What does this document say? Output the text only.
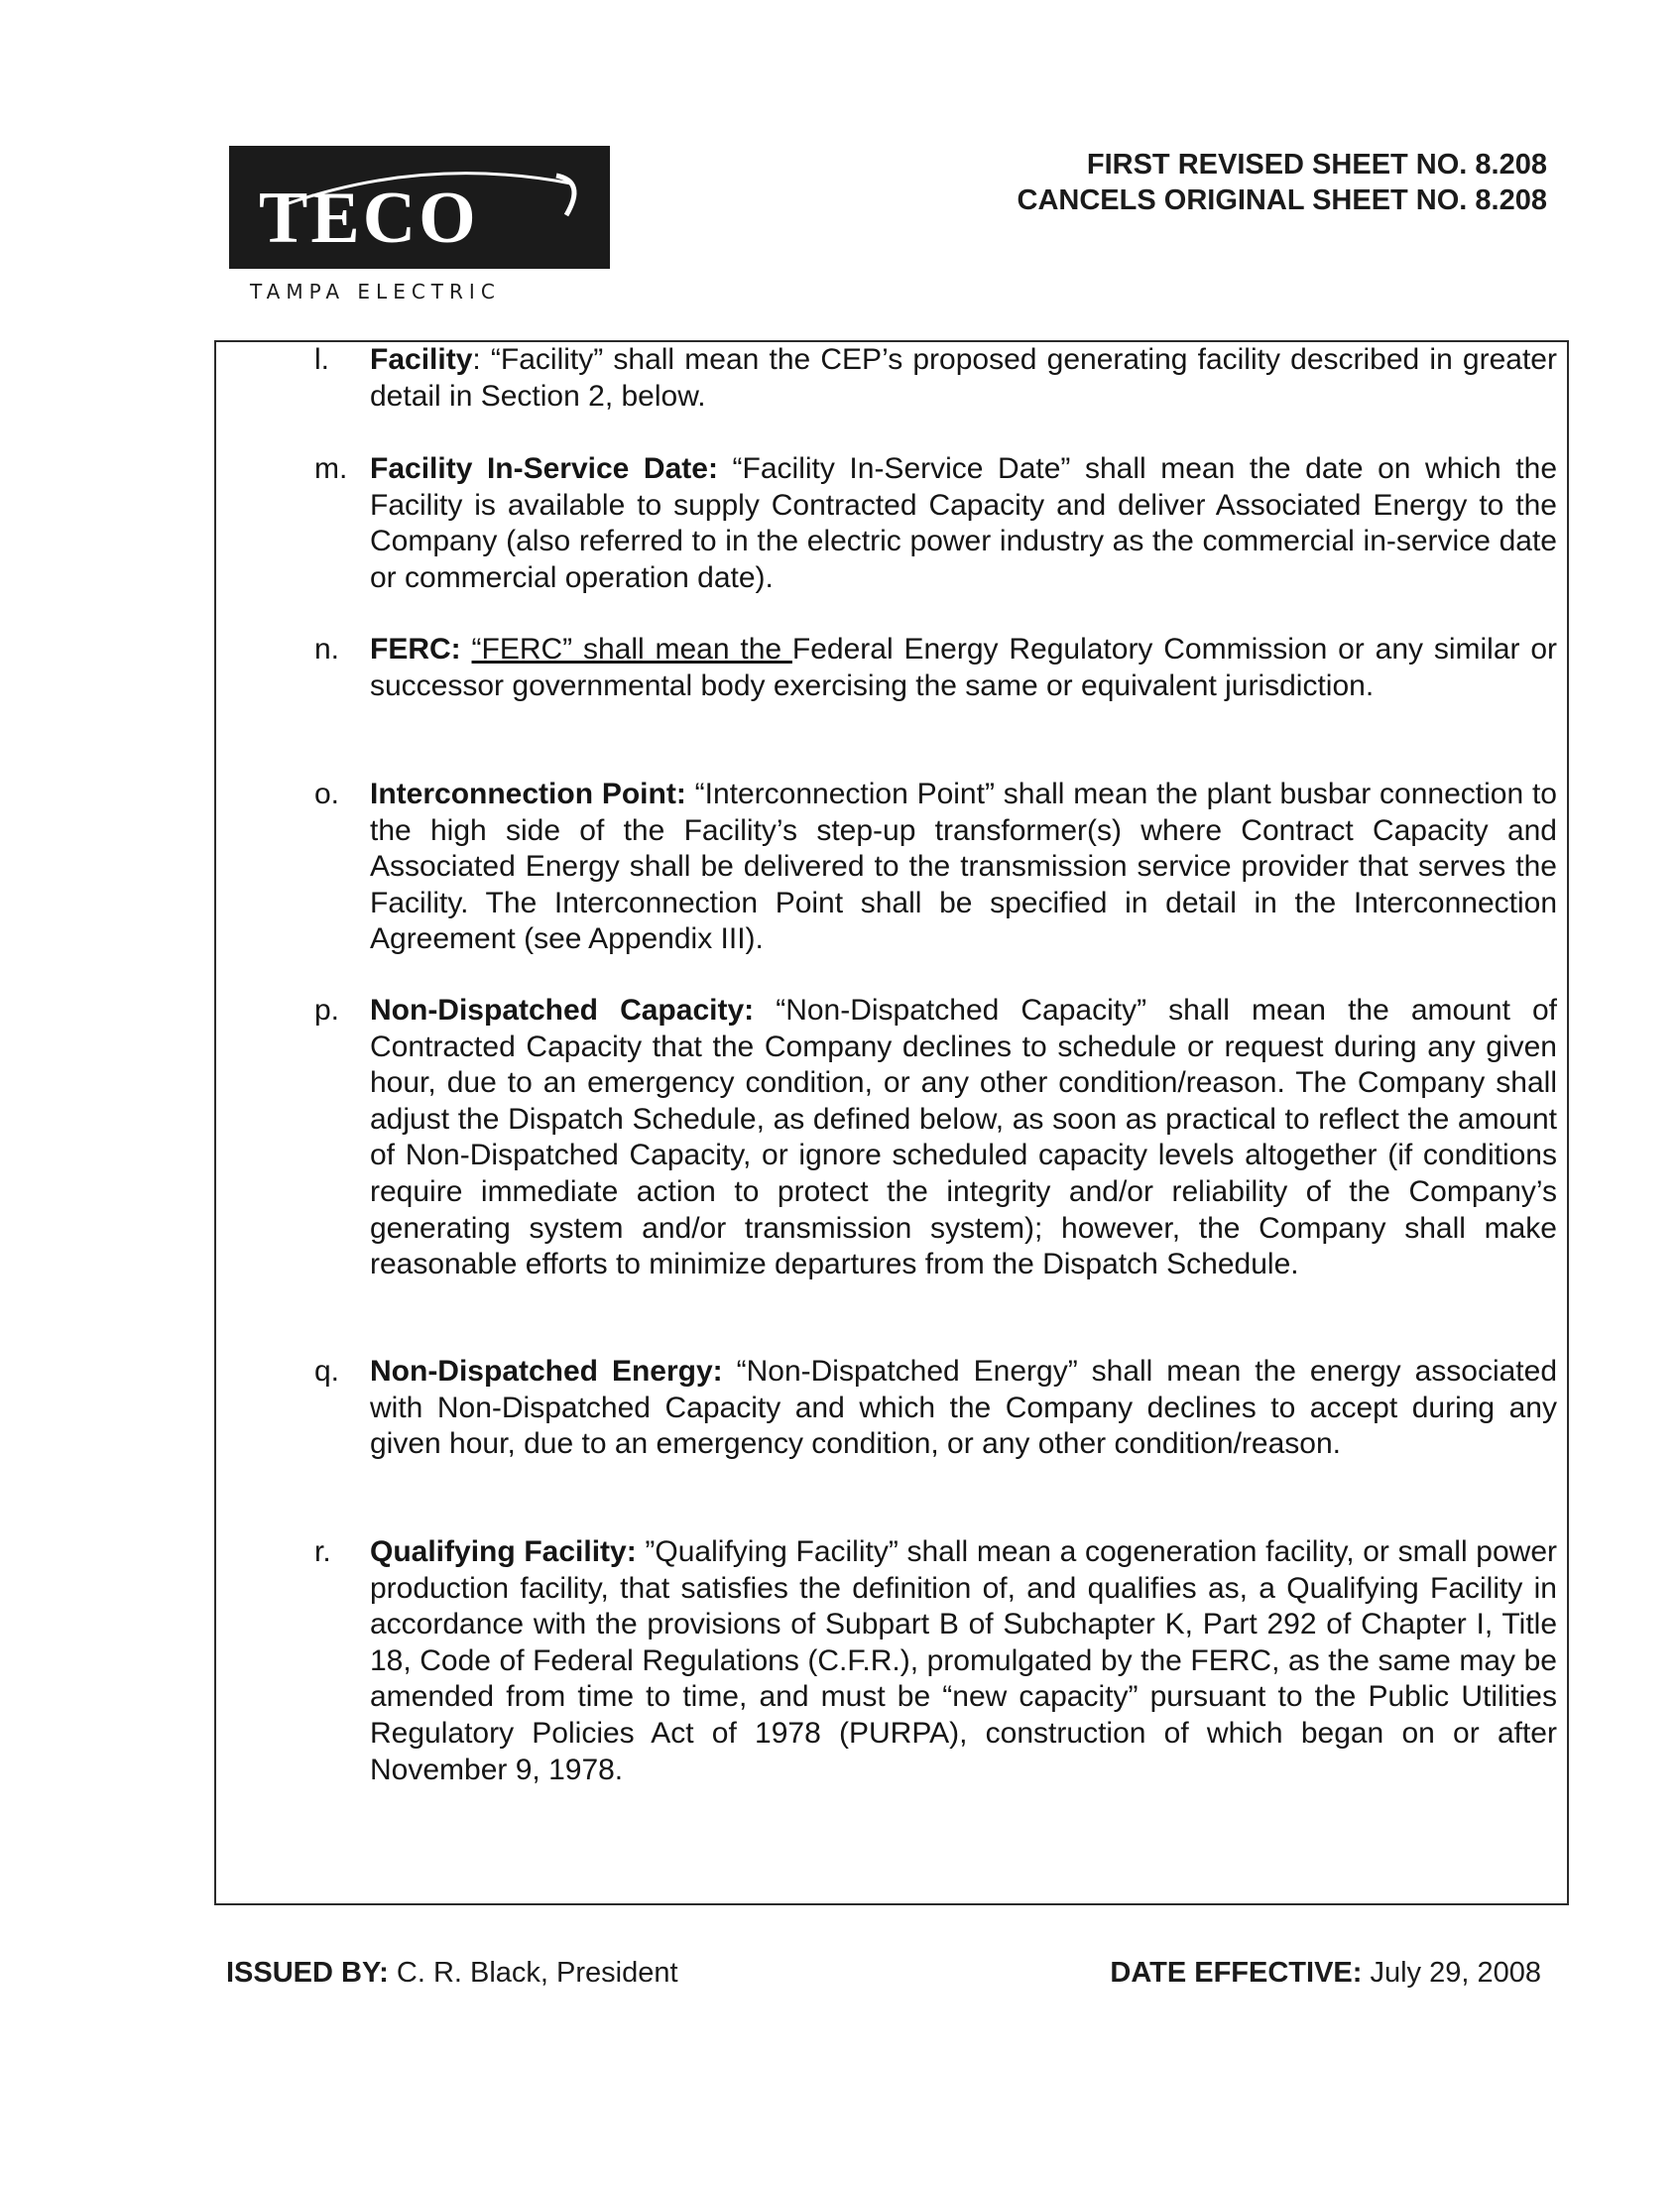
TECO
TAMPA ELECTRIC
FIRST REVISED SHEET NO. 8.208
CANCELS ORIGINAL SHEET NO. 8.208
l. Facility: “Facility” shall mean the CEP’s proposed generating facility described in greater detail in Section 2, below.
m. Facility In-Service Date: “Facility In-Service Date” shall mean the date on which the Facility is available to supply Contracted Capacity and deliver Associated Energy to the Company (also referred to in the electric power industry as the commercial in-service date or commercial operation date).
n. FERC: “FERC” shall mean the Federal Energy Regulatory Commission or any similar or successor governmental body exercising the same or equivalent jurisdiction.
o. Interconnection Point: “Interconnection Point” shall mean the plant busbar connection to the high side of the Facility’s step-up transformer(s) where Contract Capacity and Associated Energy shall be delivered to the transmission service provider that serves the Facility. The Interconnection Point shall be specified in detail in the Interconnection Agreement (see Appendix III).
p. Non-Dispatched Capacity: “Non-Dispatched Capacity” shall mean the amount of Contracted Capacity that the Company declines to schedule or request during any given hour, due to an emergency condition, or any other condition/reason. The Company shall adjust the Dispatch Schedule, as defined below, as soon as practical to reflect the amount of Non-Dispatched Capacity, or ignore scheduled capacity levels altogether (if conditions require immediate action to protect the integrity and/or reliability of the Company’s generating system and/or transmission system); however, the Company shall make reasonable efforts to minimize departures from the Dispatch Schedule.
q. Non-Dispatched Energy: “Non-Dispatched Energy” shall mean the energy associated with Non-Dispatched Capacity and which the Company declines to accept during any given hour, due to an emergency condition, or any other condition/reason.
r. Qualifying Facility: ”Qualifying Facility” shall mean a cogeneration facility, or small power production facility, that satisfies the definition of, and qualifies as, a Qualifying Facility in accordance with the provisions of Subpart B of Subchapter K, Part 292 of Chapter I, Title 18, Code of Federal Regulations (C.F.R.), promulgated by the FERC, as the same may be amended from time to time, and must be “new capacity” pursuant to the Public Utilities Regulatory Policies Act of 1978 (PURPA), construction of which began on or after November 9, 1978.
ISSUED BY: C. R. Black, President	DATE EFFECTIVE: July 29, 2008
